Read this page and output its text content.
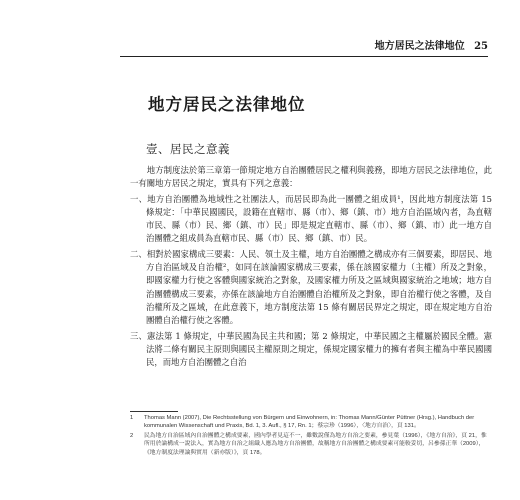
地方居民之法律地位 25
地方居民之法律地位
壹、居民之意義

地方制度法於第三章第一節規定地方自治團體居民之權利與義務，即地方居民之法律地位，此一有關地方居民之規定，實具有下列之意義：

一、地方自治團體為地域性之社團法人，而居民即為此一團體之組成員¹，因此地方制度法第 15 條規定：「中華民國國民，設籍在直轄市、縣（市）、鄉（鎮、市）地方自治區域內者，為直轄市民、縣（市）民、鄉（鎮、市）民」即是規定直轄市、縣（市）、鄉（鎮、市）此一地方自治團體之組成員為直轄市民、縣（市）民、鄉（鎮、市）民。
二、相對於國家構成三要素：人民、領土及主權，地方自治團體之構成亦有三個要素，即居民、地方自治區域及自治權²，如同在該論國家構成三要素，係在該國家權力（主權）所及之對象，即國家權力行使之客體與國家統治之對象，及國家權力所及之區域與國家統治之地域；地方自治團體構成三要素，亦係在該論地方自治團體自治權所及之對象，即自治權行使之客體，及自治權所及之區域，在此意義下，地方制度法第 15 條有關居民界定之規定，即在規定地方自治團體自治權行使之客體。
三、憲法第 1 條規定，中華民國為民主共和國；第 2 條規定，中華民國之主權屬於國民全體。憲法將二條有關民主原則與國民主權原則之規定，係規定國家權力的擁有者與主權為中華民國國民，而地方自治團體之自治
1 Thomas Mann (2007), Die Rechtsstellung von Bürgern und Einwohnern, in: Thomas Mann/Günter Püttner (Hrsg.), Handbuch der kommunalen Wissenschaft und Praxis, Bd. 1, 3. Aufl., § 17, Rn. 1；蔡宗珍（1996），〈地方自治〉，頁 131。
2 民為地方自治區域內自治團體之構成要素，國內學者見這不一，雖數說僅為地方自治之要素，參見葉（1996），《地方自治》，頁 21，惟所用於論構成一說法入，實為地方自治之組織人應為地方自治團體，故稱地方自治團體之構成要素可能較妥切，呂參孫正華（2009），《地方制度法理論與實用（新亦版）》，頁 178。
